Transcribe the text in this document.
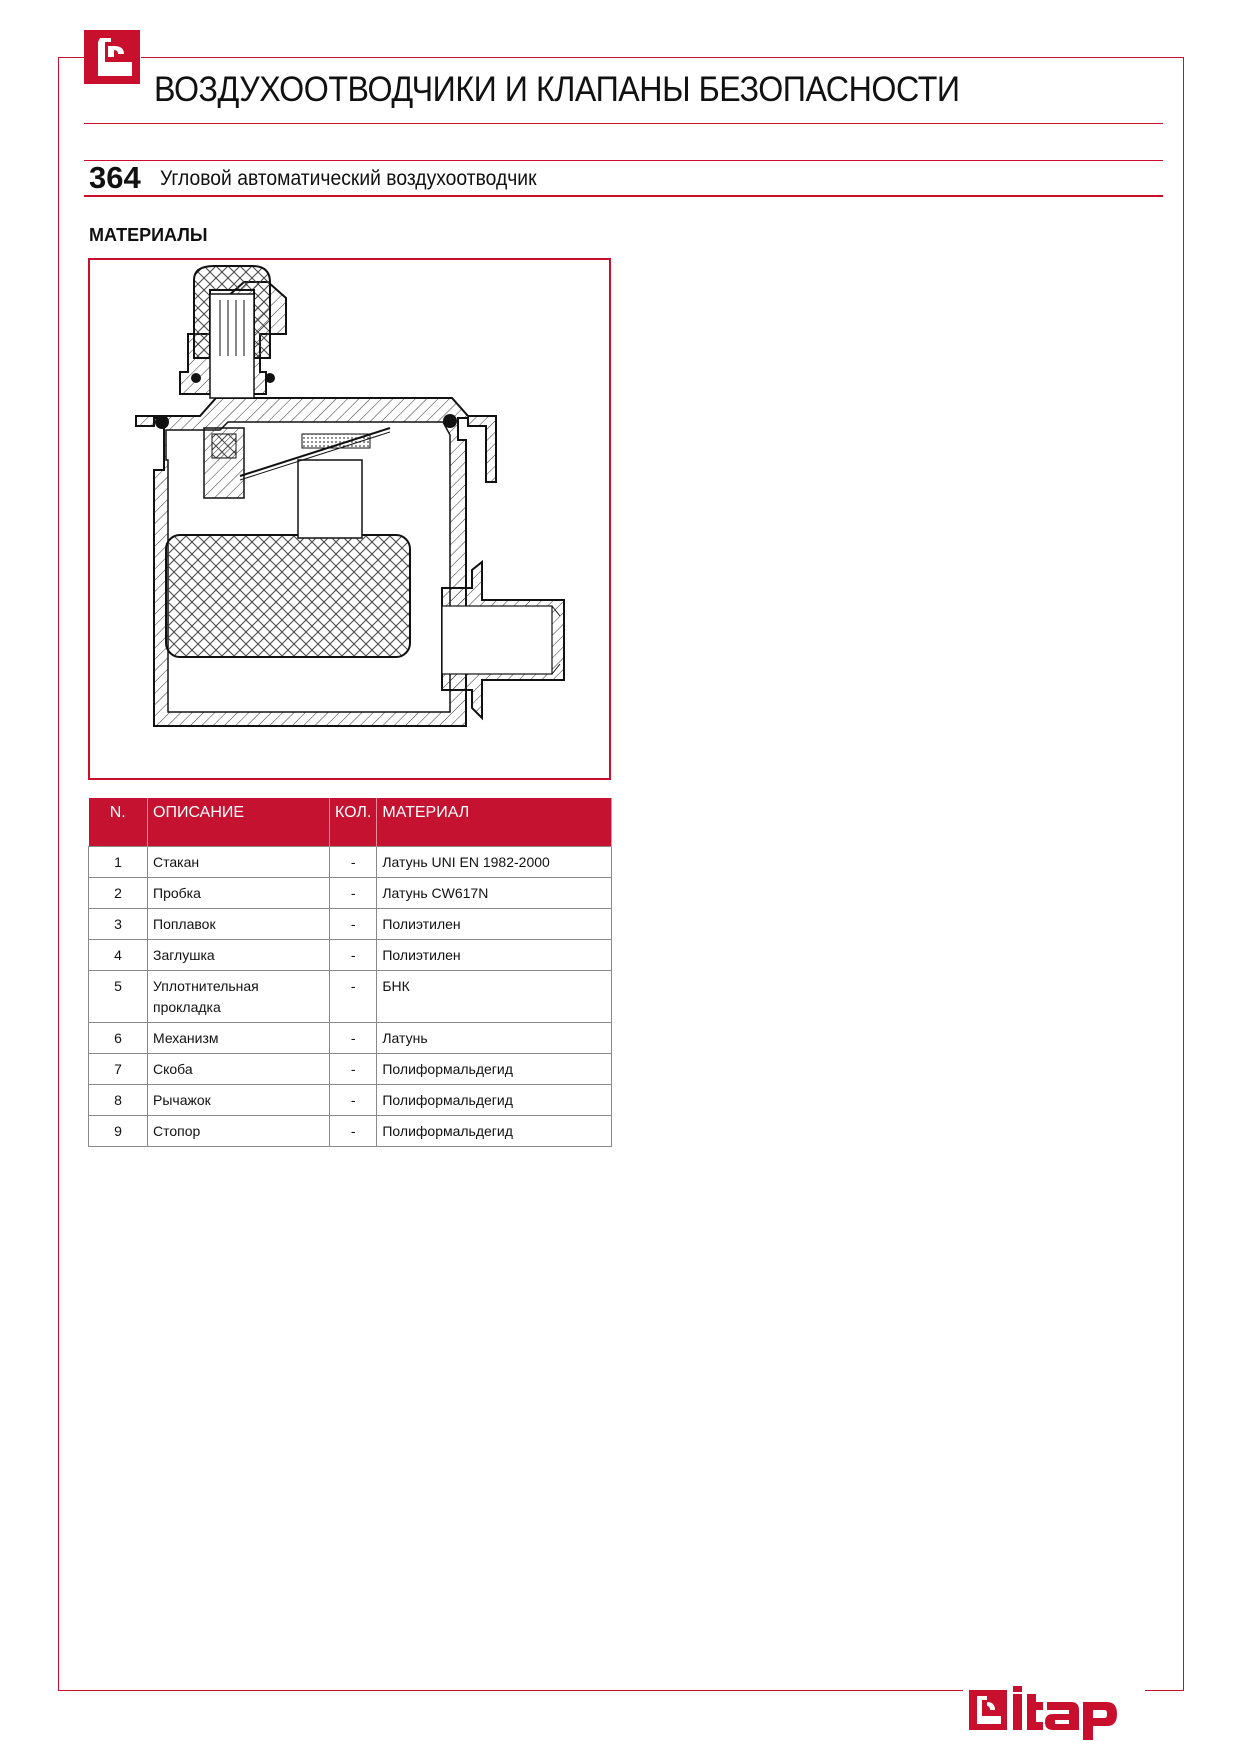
ВОЗДУХООТВОДЧИКИ И КЛАПАНЫ БЕЗОПАСНОСТИ
364 Угловой автоматический воздухоотводчик
МАТЕРИАЛЫ
N.	ОПИСАНИЕ	КОЛ.	МАТЕРИАЛ
1	Стакан	-	Латунь UNI EN 1982-2000
2	Пробка	-	Латунь CW617N
3	Поплавок	-	Полиэтилен
4	Заглушка	-	Полиэтилен
5	Уплотнительная прокладка	-	БНК
6	Механизм	-	Латунь
7	Скоба	-	Полиформальдегид
8	Рычажок	-	Полиформальдегид
9	Стопор	-	Полиформальдегид
